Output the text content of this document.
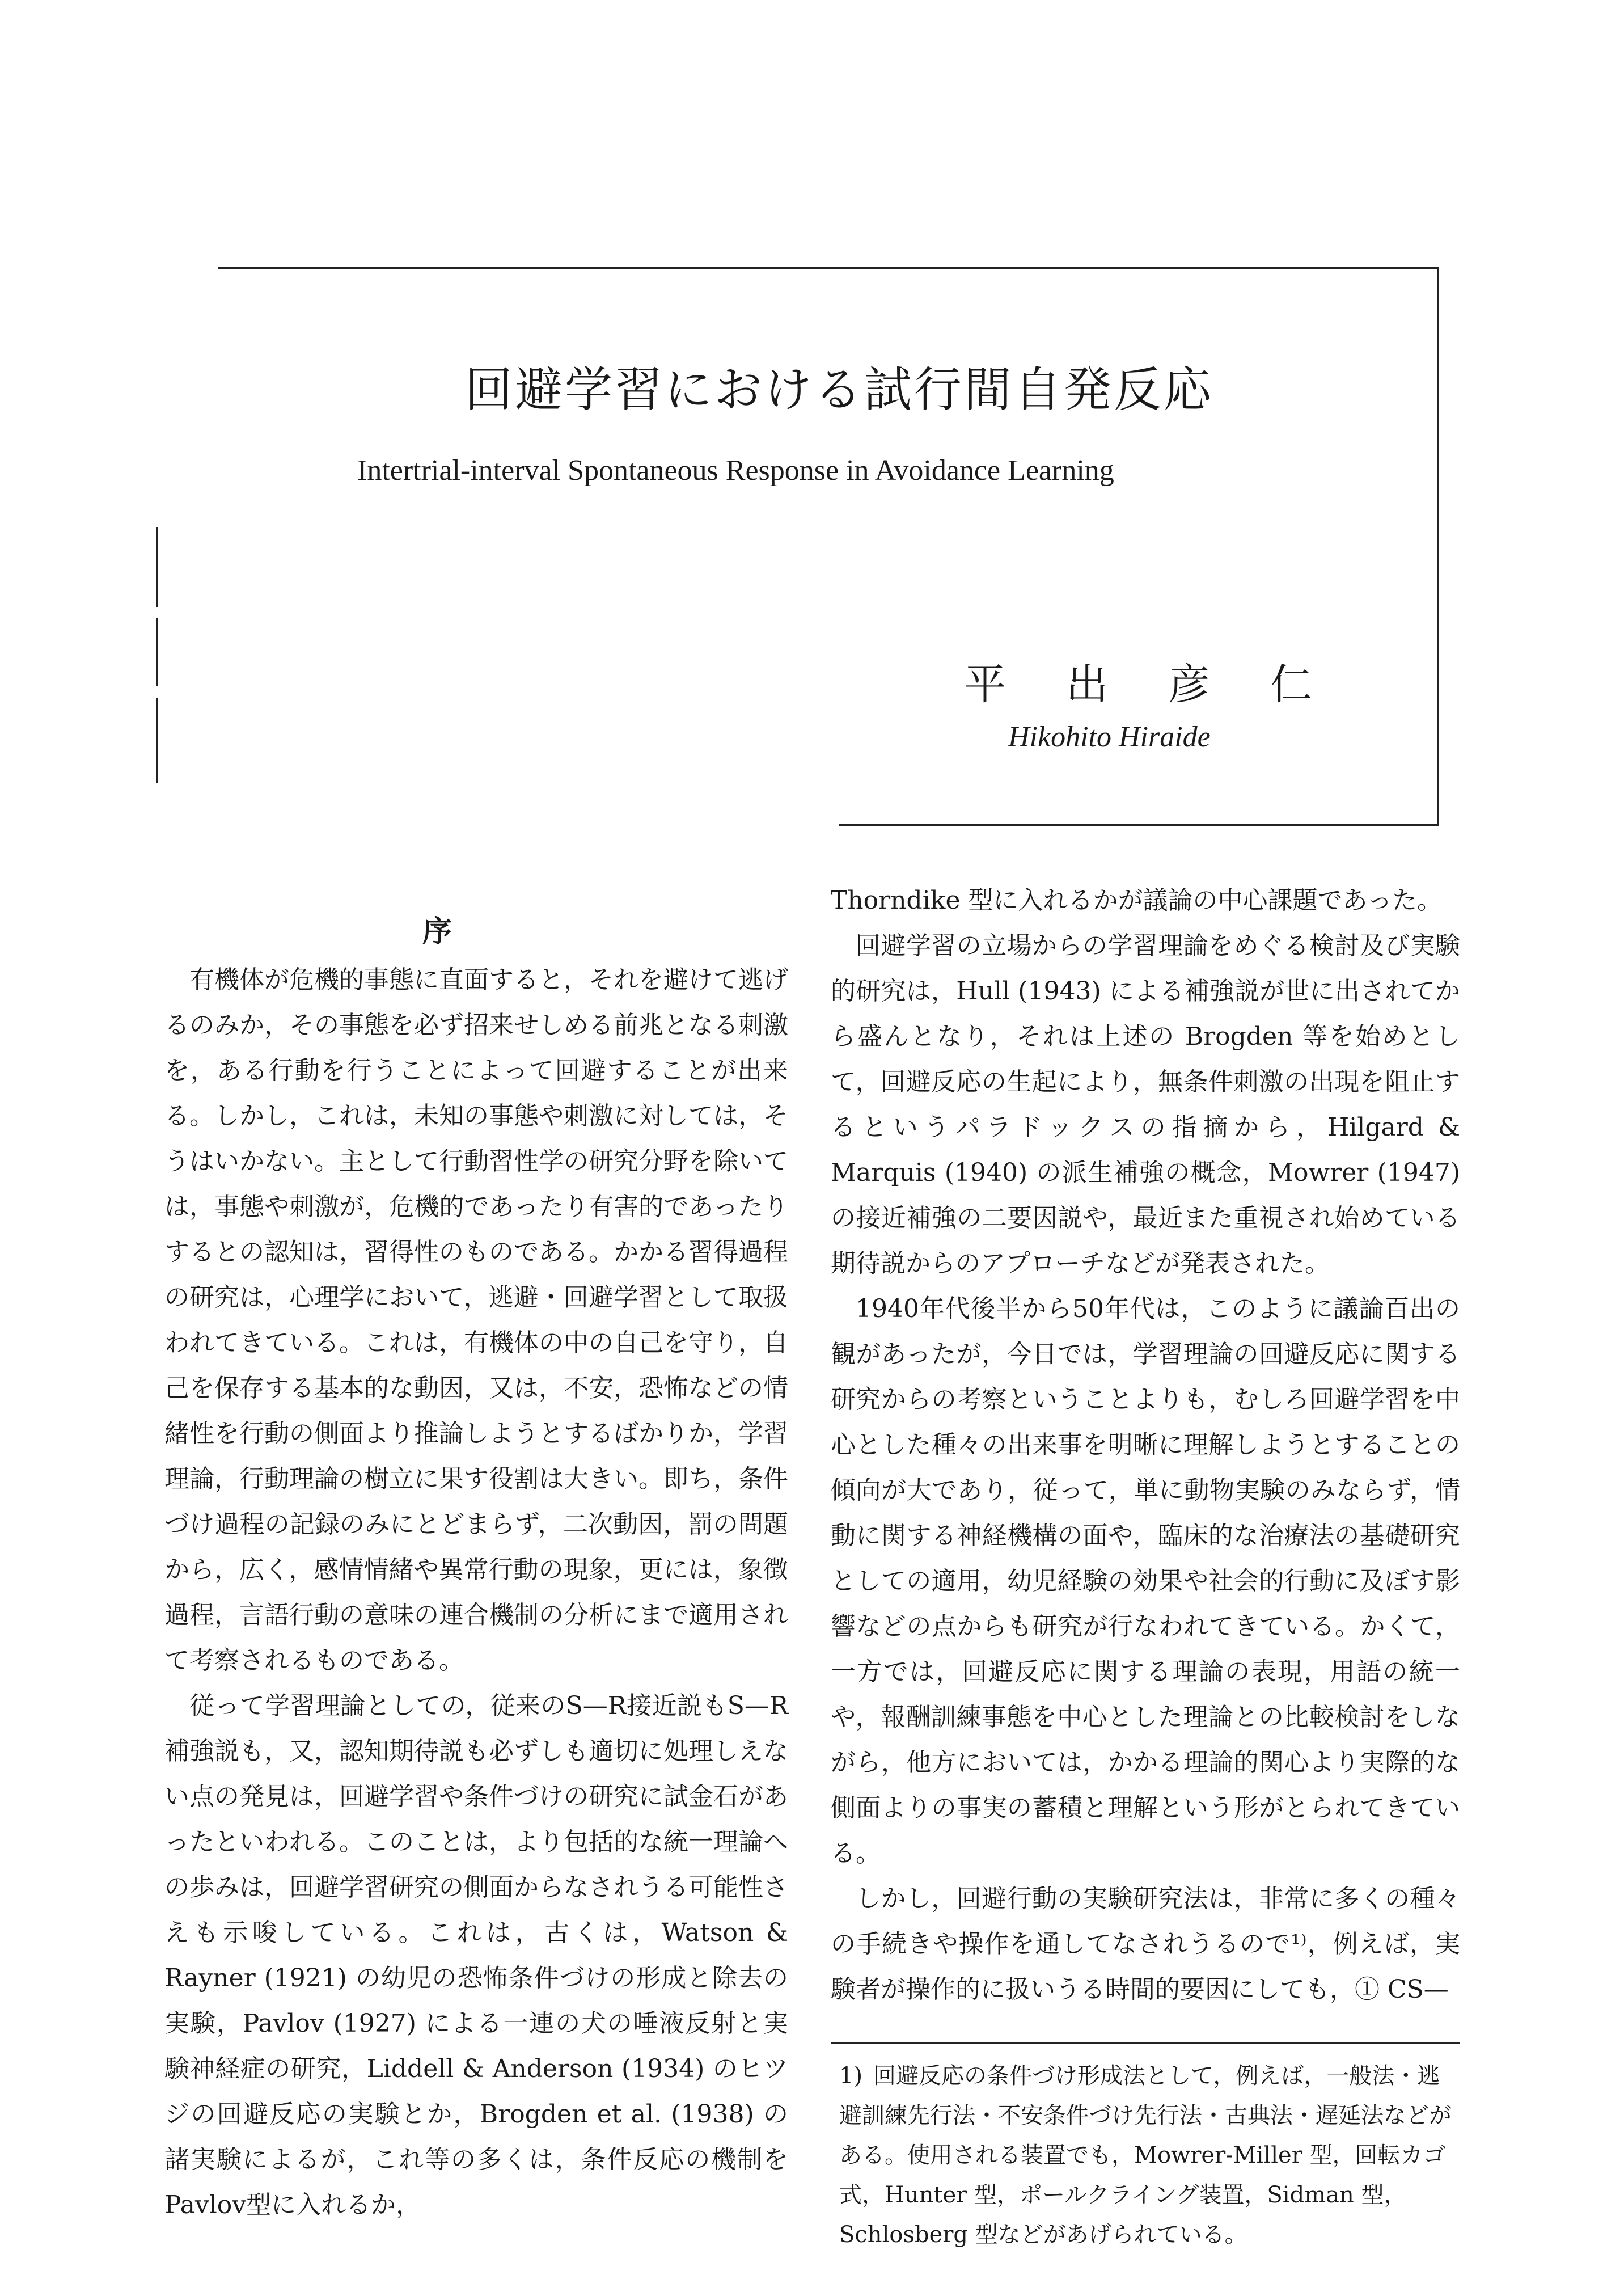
回避学習における試行間自発反応
Intertrial-interval Spontaneous Response in Avoidance Learning
平 出 彦 仁
Hikohito Hiraide
序

有機体が危機的事態に直面すると，それを避けて逃げるのみか，その事態を必ず招来せしめる前兆となる刺激を，ある行動を行うことによって回避することが出来る。しかし，これは，未知の事態や刺激に対しては，そうはいかない。主として行動習性学の研究分野を除いては，事態や刺激が，危機的であったり有害的であったりするとの認知は，習得性のものである。かかる習得過程の研究は，心理学において，逃避・回避学習として取扱われてきている。これは，有機体の中の自己を守り，自己を保存する基本的な動因，又は，不安，恐怖などの情緒性を行動の側面より推論しようとするばかりか，学習理論，行動理論の樹立に果す役割は大きい。即ち，条件づけ過程の記録のみにとどまらず，二次動因，罰の問題から，広く，感情情緒や異常行動の現象，更には，象徴過程，言語行動の意味の連合機制の分析にまで適用されて考察されるものである。

従って学習理論としての，従来のS—R接近説もS—R補強説も，又，認知期待説も必ずしも適切に処理しえない点の発見は，回避学習や条件づけの研究に試金石があったといわれる。このことは，より包括的な統一理論への歩みは，回避学習研究の側面からなされうる可能性さえも示唆している。これは，古くは，Watson & Rayner (1921) の幼児の恐怖条件づけの形成と除去の実験，Pavlov (1927) による一連の犬の唾液反射と実験神経症の研究，Liddell & Anderson (1934) のヒツジの回避反応の実験とか，Brogden et al. (1938) の諸実験によるが，これ等の多くは，条件反応の機制をPavlov型に入れるか，

Thorndike 型に入れるかが議論の中心課題であった。

回避学習の立場からの学習理論をめぐる検討及び実験的研究は，Hull (1943) による補強説が世に出されてから盛んとなり，それは上述の Brogden 等を始めとして，回避反応の生起により，無条件刺激の出現を阻止するというパラドックスの指摘から，Hilgard & Marquis (1940) の派生補強の概念，Mowrer (1947) の接近補強の二要因説や，最近また重視され始めている期待説からのアプローチなどが発表された。

1940年代後半から50年代は，このように議論百出の観があったが，今日では，学習理論の回避反応に関する研究からの考察ということよりも，むしろ回避学習を中心とした種々の出来事を明晰に理解しようとすることの傾向が大であり，従って，単に動物実験のみならず，情動に関する神経機構の面や，臨床的な治療法の基礎研究としての適用，幼児経験の効果や社会的行動に及ぼす影響などの点からも研究が行なわれてきている。かくて，一方では，回避反応に関する理論の表現，用語の統一や，報酬訓練事態を中心とした理論との比較検討をしながら，他方においては，かかる理論的関心より実際的な側面よりの事実の蓄積と理解という形がとられてきている。

しかし，回避行動の実験研究法は，非常に多くの種々の手続きや操作を通してなされうるので¹⁾，例えば，実験者が操作的に扱いうる時間的要因にしても，① CS—

1) 回避反応の条件づけ形成法として，例えば，一般法・逃避訓練先行法・不安条件づけ先行法・古典法・遅延法などがある。使用される装置でも，Mowrer-Miller 型，回転カゴ式，Hunter 型，ポールクライング装置，Sidman 型，Schlosberg 型などがあげられている。
